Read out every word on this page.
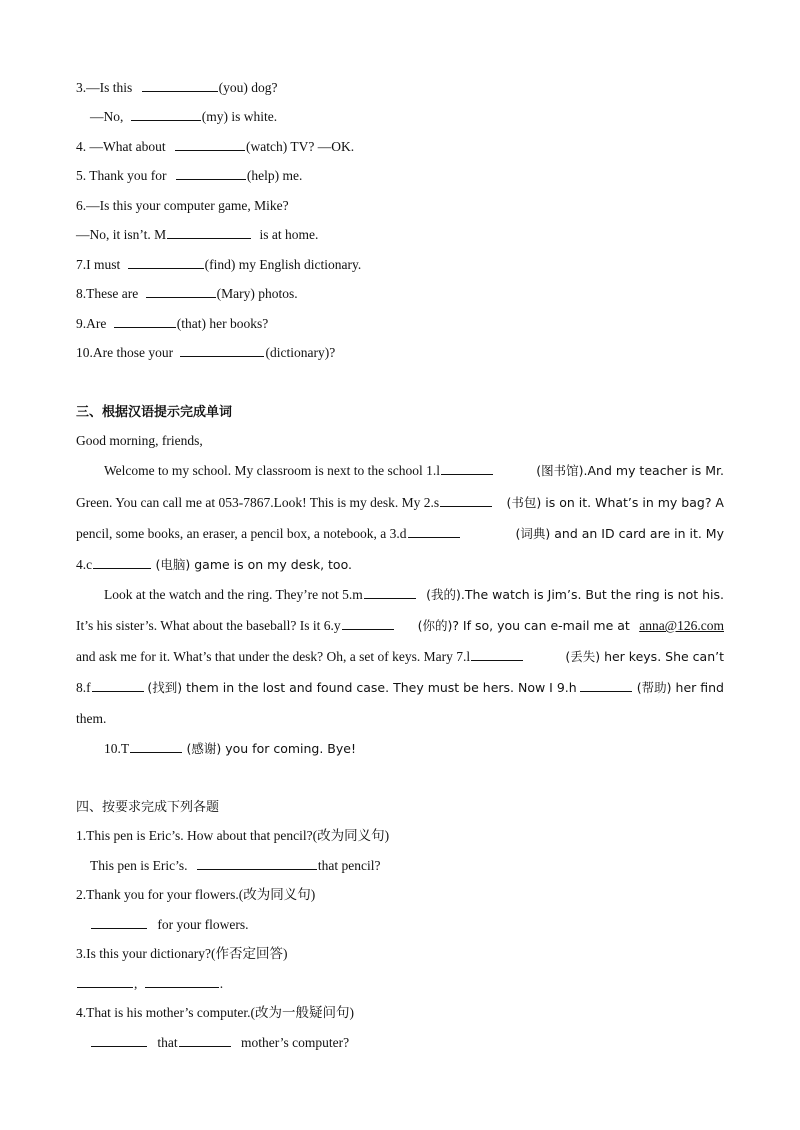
3.—Is this	(you) dog?
—No,	(my) is white.
4. —What about	(watch) TV? —OK.
5. Thank you for	(help) me.
6.—Is this your computer game, Mike?
—No, it isn’t. M	is at home.
7.I must	(find) my English dictionary.
8.These are	(Mary) photos.
9.Are	(that) her books?
10.Are those your	(dictionary)?
三、根据汉语提示完成单词
Good morning, friends,
Welcome to my school. My classroom is next to the school 1.l	(图书馆).And my teacher is Mr.
Green. You can call me at 053-7867.Look! This is my desk. My 2.s	(书包) is on it. What’s in my bag? A
pencil, some books, an eraser, a pencil box, a notebook, a 3.d	(词典) and an ID card are in it. My
4.c	(电脑) game is on my desk, too.
Look at the watch and the ring. They’re not 5.m	(我的).The watch is Jim’s. But the ring is not his.
It’s his sister’s. What about the baseball? Is it 6.y	(你的)? If so, you can e-mail me at anna@126.com
and ask me for it. What’s that under the desk? Oh, a set of keys. Mary 7.l	(丢失) her keys. She can’t
8.f	(找到) them in the lost and found case. They must be hers. Now I 9.h	(帮助) her find
them.
10.T	(感谢) you for coming. Bye!
四、按要求完成下列各题
1.This pen is Eric’s. How about that pencil?(改为同义句)
This pen is Eric’s.	that pencil?
2.Thank you for your flowers.(改为同义句)
for your flowers.
3.Is this your dictionary?(作否定回答)
,	.
4.That is his mother’s computer.(改为一般疑问句)
that	mother’s computer?
